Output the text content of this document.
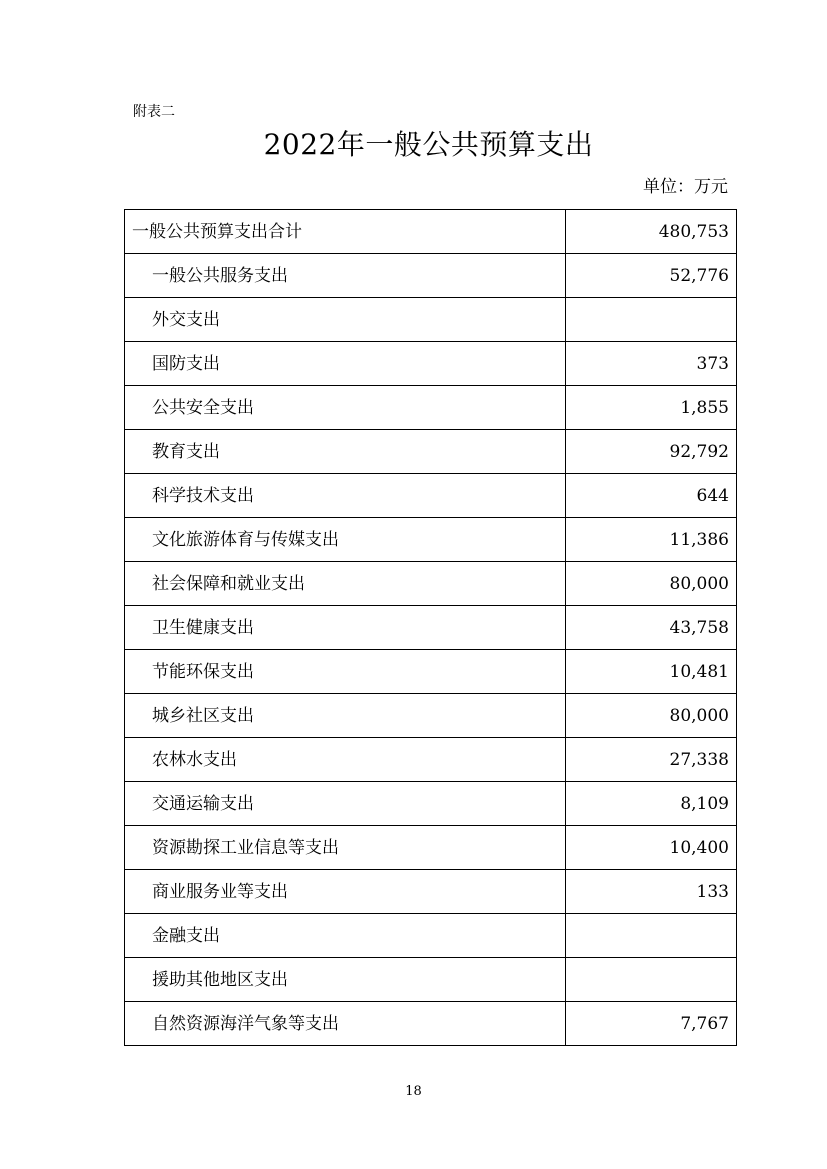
附表二
2022年一般公共预算支出
单位：万元
一般公共预算支出合计	480,753
一般公共服务支出	52,776
外交支出	
国防支出	373
公共安全支出	1,855
教育支出	92,792
科学技术支出	644
文化旅游体育与传媒支出	11,386
社会保障和就业支出	80,000
卫生健康支出	43,758
节能环保支出	10,481
城乡社区支出	80,000
农林水支出	27,338
交通运输支出	8,109
资源勘探工业信息等支出	10,400
商业服务业等支出	133
金融支出	
援助其他地区支出	
自然资源海洋气象等支出	7,767
18
